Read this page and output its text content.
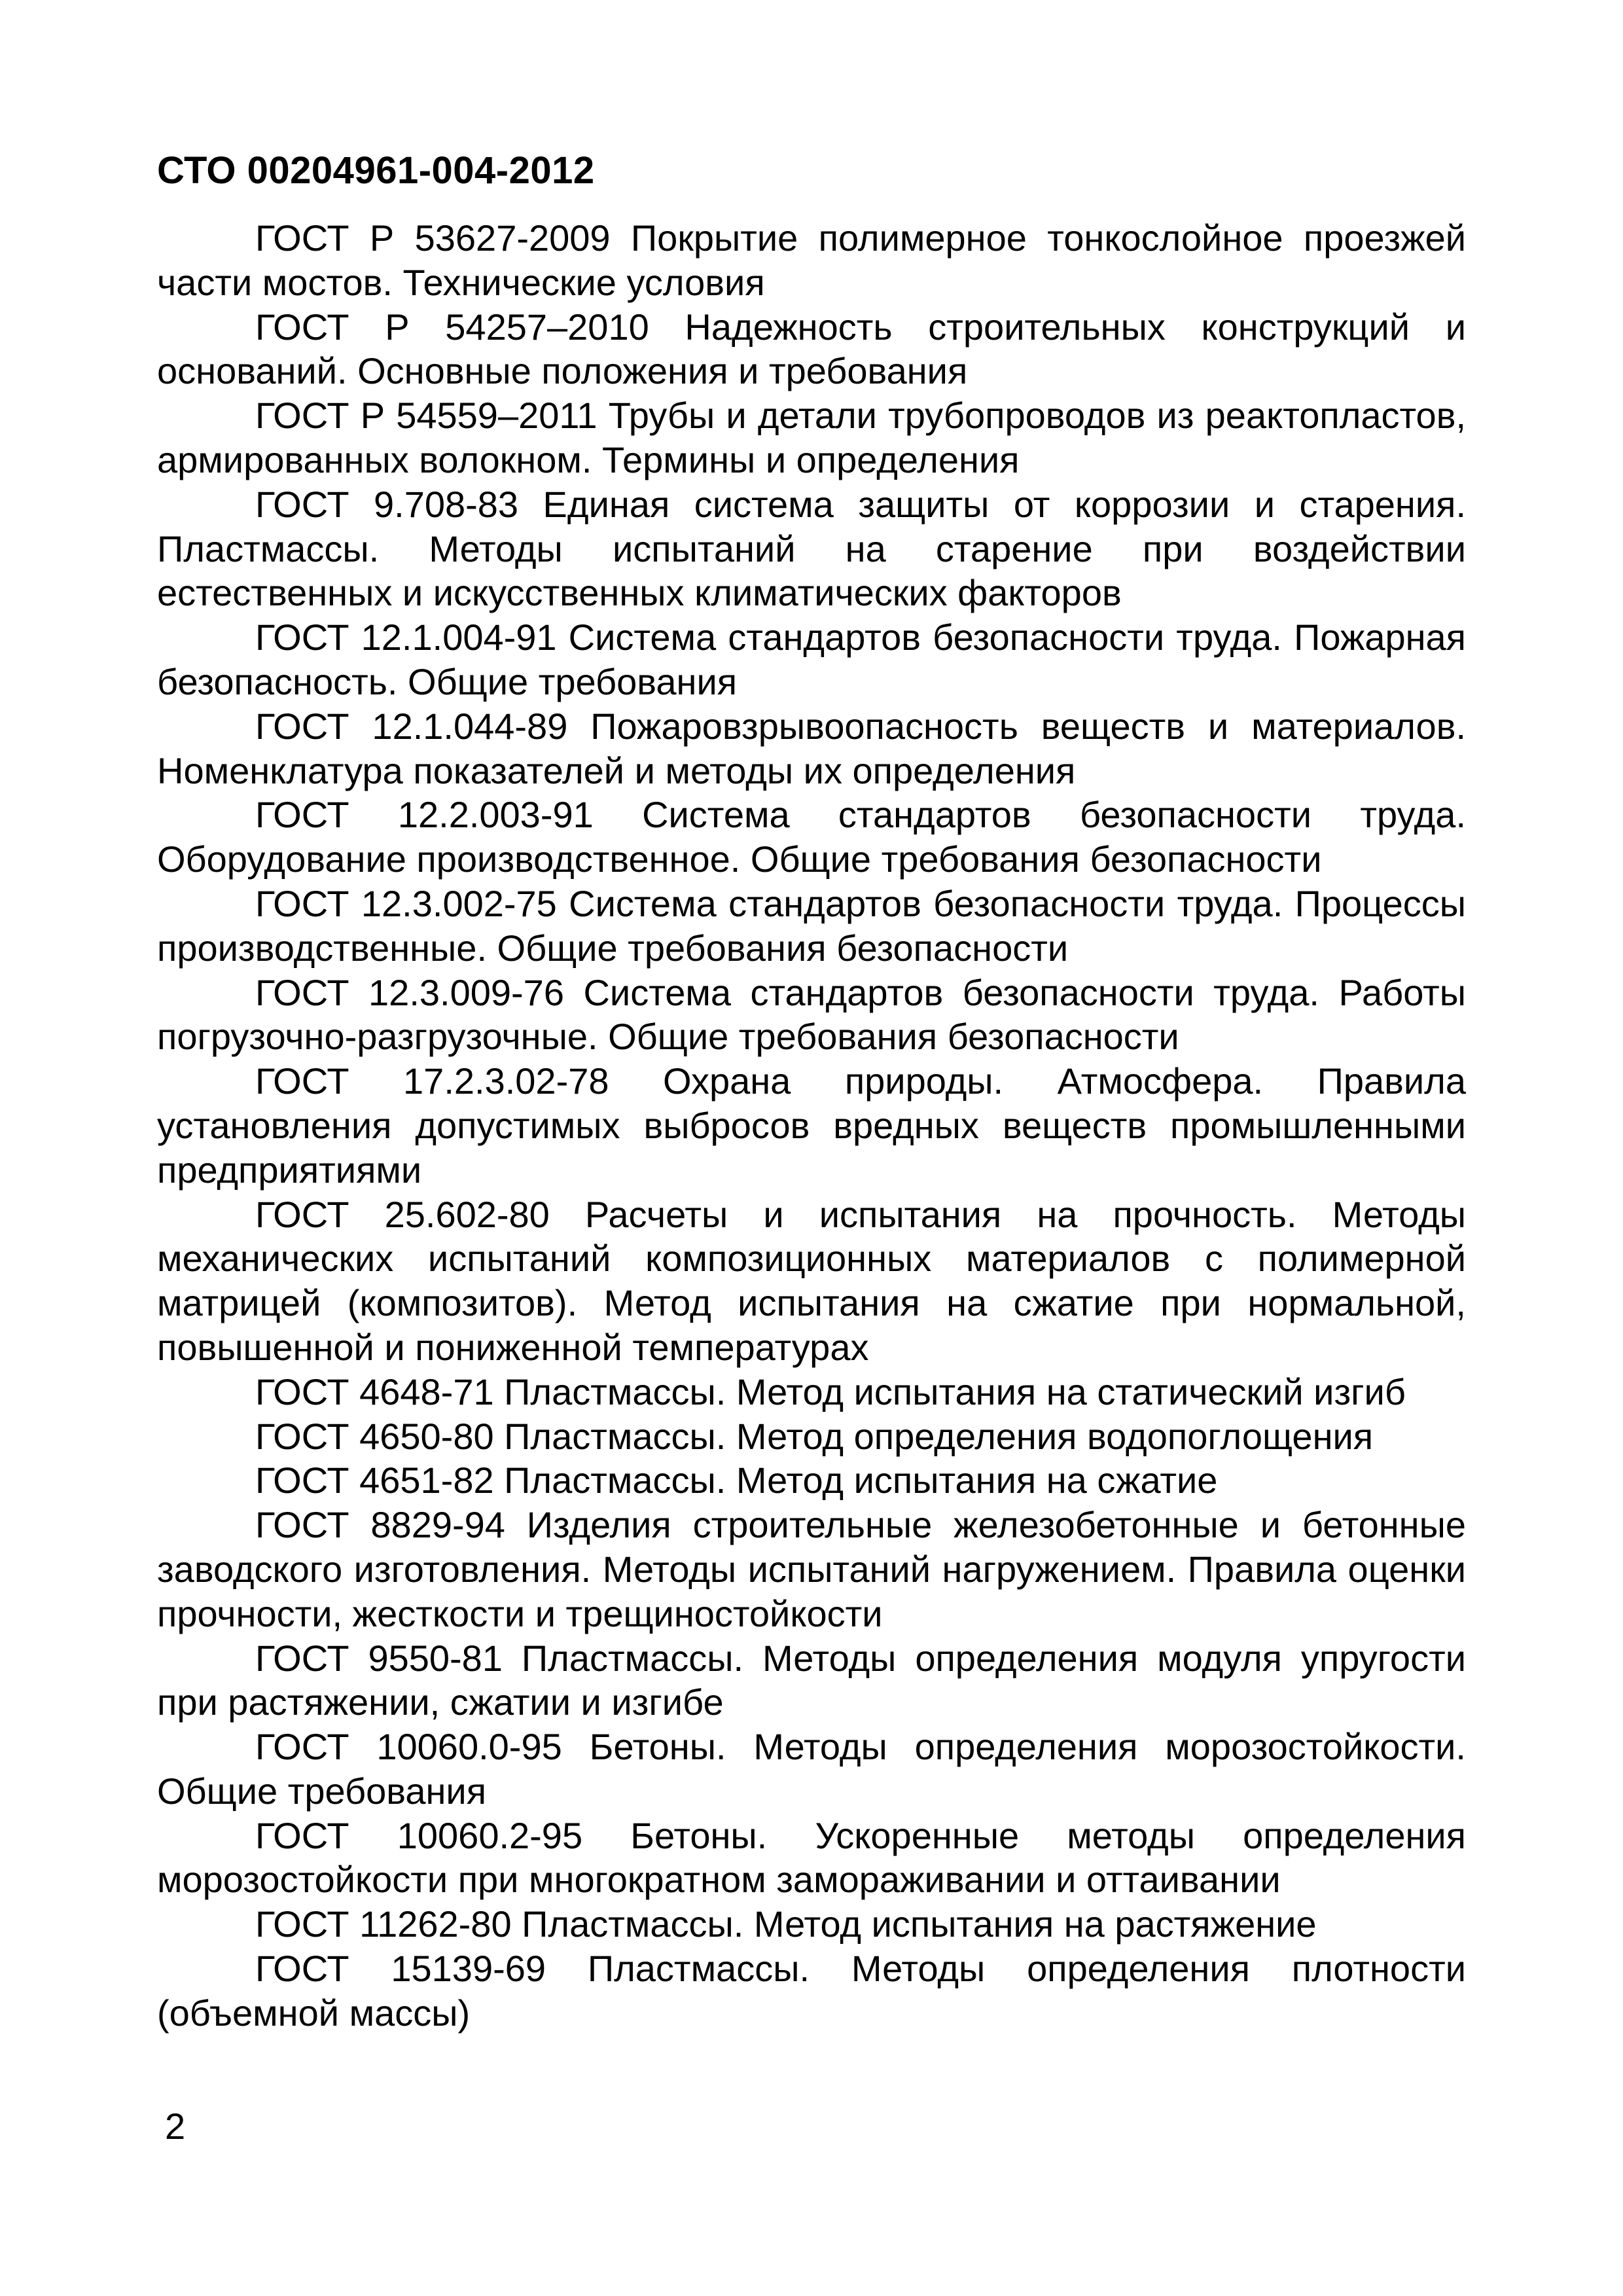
СТО 00204961-004-2012

ГОСТ Р 53627-2009 Покрытие полимерное тонкослойное проезжей части мостов. Технические условия

ГОСТ Р 54257–2010 Надежность строительных конструкций и оснований. Основные положения и требования

ГОСТ Р 54559–2011 Трубы и детали трубопроводов из реактопластов, армированных волокном. Термины и определения

ГОСТ 9.708-83 Единая система защиты от коррозии и старения. Пластмассы. Методы испытаний на старение при воздействии естественных и искусственных климатических факторов

ГОСТ 12.1.004-91 Система стандартов безопасности труда. Пожарная безопасность. Общие требования

ГОСТ 12.1.044-89 Пожаровзрывоопасность веществ и материалов. Номенклатура показателей и методы их определения

ГОСТ 12.2.003-91 Система стандартов безопасности труда. Оборудование производственное. Общие требования безопасности

ГОСТ 12.3.002-75 Система стандартов безопасности труда. Процессы производственные. Общие требования безопасности

ГОСТ 12.3.009-76 Система стандартов безопасности труда. Работы погрузочно-разгрузочные. Общие требования безопасности

ГОСТ 17.2.3.02-78 Охрана природы. Атмосфера. Правила установления допустимых выбросов вредных веществ промышленными предприятиями

ГОСТ 25.602-80 Расчеты и испытания на прочность. Методы механических испытаний композиционных материалов с полимерной матрицей (композитов). Метод испытания на сжатие при нормальной, повышенной и пониженной температурах

ГОСТ 4648-71 Пластмассы. Метод испытания на статический изгиб

ГОСТ 4650-80 Пластмассы. Метод определения водопоглощения

ГОСТ 4651-82 Пластмассы. Метод испытания на сжатие

ГОСТ 8829-94 Изделия строительные железобетонные и бетонные заводского изготовления. Методы испытаний нагружением. Правила оценки прочности, жесткости и трещиностойкости

ГОСТ 9550-81 Пластмассы. Методы определения модуля упругости при растяжении, сжатии и изгибе

ГОСТ 10060.0-95 Бетоны. Методы определения морозостойкости. Общие требования

ГОСТ 10060.2-95 Бетоны. Ускоренные методы определения морозостойкости при многократном замораживании и оттаивании

ГОСТ 11262-80 Пластмассы. Метод испытания на растяжение

ГОСТ 15139-69 Пластмассы. Методы определения плотности (объемной массы)

2
